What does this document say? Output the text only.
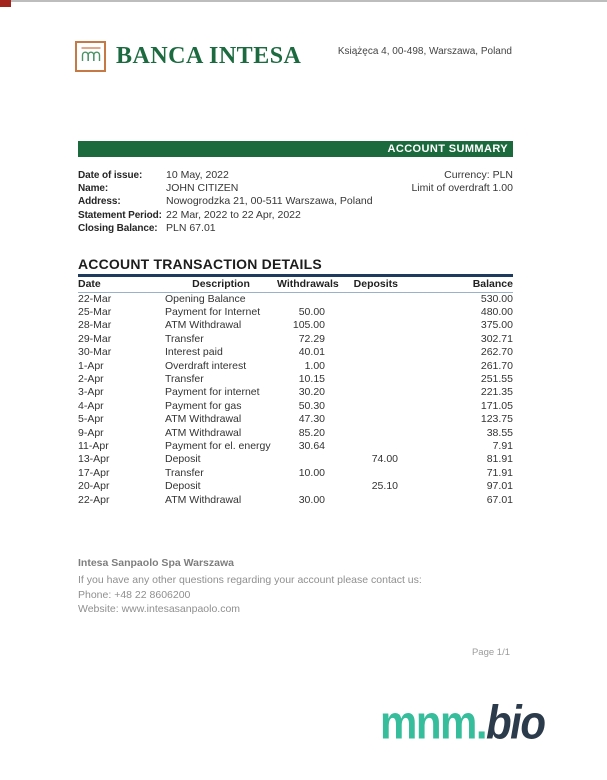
BANCA INTESA	Książęca 4, 00-498, Warszawa, Poland
ACCOUNT SUMMARY
Date of issue:	10 May, 2022
Name:	JOHN CITIZEN
Address:	Nowogrodzka 21, 00-511 Warszawa, Poland
Statement Period: 22 Mar, 2022 to 22 Apr, 2022
Closing Balance: PLN 67.01
Currency: PLN
Limit of overdraft 1.00
ACCOUNT TRANSACTION DETAILS
Date	Description	Withdrawals	Deposits	Balance
22-Mar	Opening Balance			530.00
25-Mar	Payment for Internet	50.00		480.00
28-Mar	ATM Withdrawal	105.00		375.00
29-Mar	Transfer	72.29		302.71
30-Mar	Interest paid	40.01		262.70
1-Apr	Overdraft interest	1.00		261.70
2-Apr	Transfer	10.15		251.55
3-Apr	Payment for internet	30.20		221.35
4-Apr	Payment for gas	50.30		171.05
5-Apr	ATM Withdrawal	47.30		123.75
9-Apr	ATM Withdrawal	85.20		38.55
11-Apr	Payment for el. energy	30.64		7.91
13-Apr	Deposit		74.00	81.91
17-Apr	Transfer	10.00		71.91
20-Apr	Deposit		25.10	97.01
22-Apr	ATM Withdrawal	30.00		67.01
Intesa Sanpaolo Spa Warszawa
If you have any other questions regarding your account please contact us:
Phone: +48 22 8606200
Website: www.intesasanpaolo.com
Page 1/1
mnm.bio
